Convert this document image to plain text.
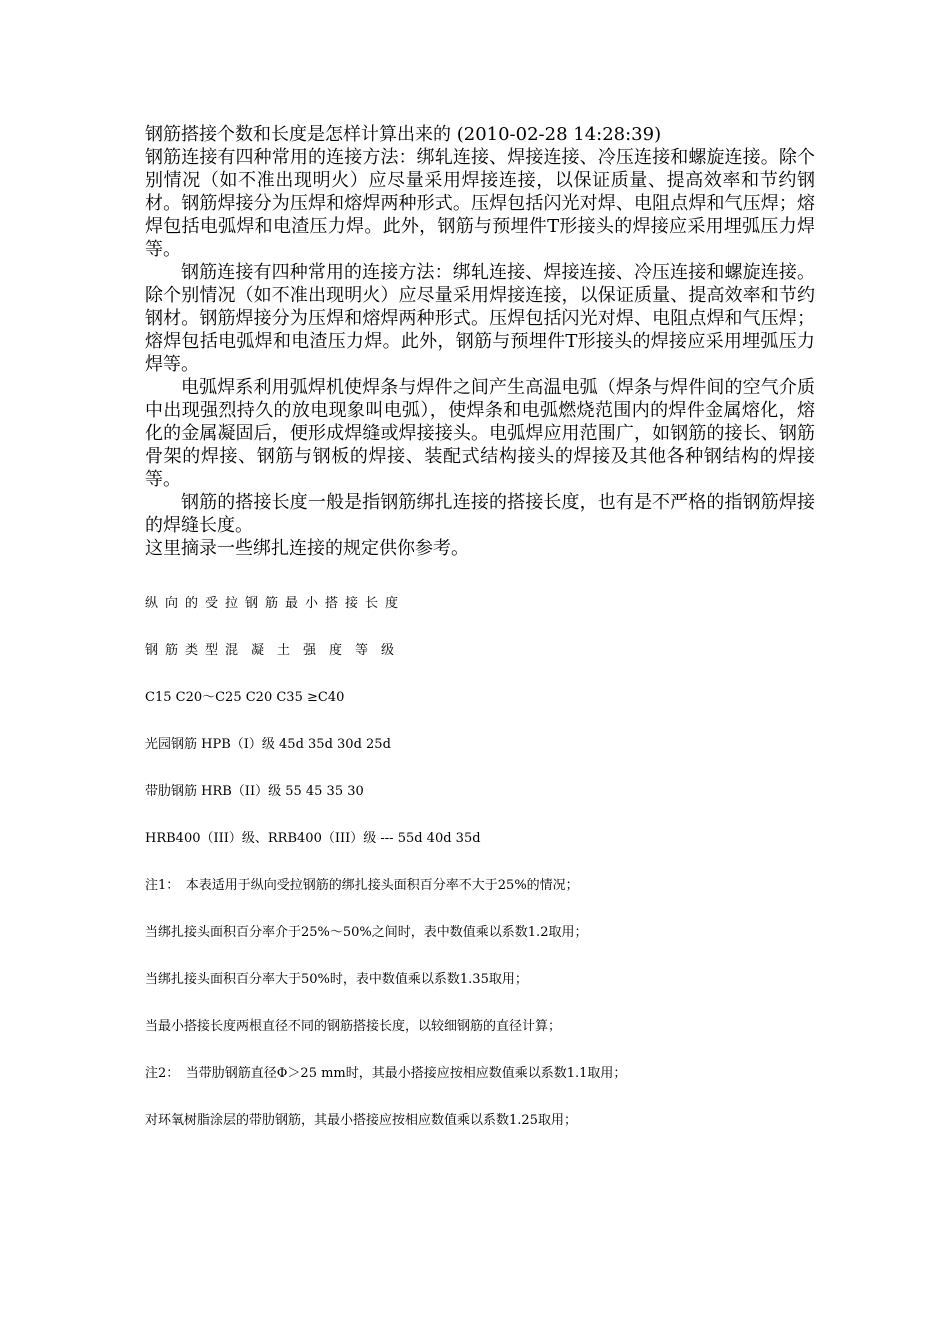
钢筋搭接个数和长度是怎样计算出来的 (2010-02-28 14:28:39)

钢筋连接有四种常用的连接方法：绑轧连接、焊接连接、冷压连接和螺旋连接。除个别情况（如不准出现明火）应尽量采用焊接连接，以保证质量、提高效率和节约钢材。钢筋焊接分为压焊和熔焊两种形式。压焊包括闪光对焊、电阻点焊和气压焊；熔焊包括电弧焊和电渣压力焊。此外，钢筋与预埋件T形接头的焊接应采用埋弧压力焊等。

钢筋连接有四种常用的连接方法：绑轧连接、焊接连接、冷压连接和螺旋连接。除个别情况（如不准出现明火）应尽量采用焊接连接，以保证质量、提高效率和节约钢材。钢筋焊接分为压焊和熔焊两种形式。压焊包括闪光对焊、电阻点焊和气压焊；熔焊包括电弧焊和电渣压力焊。此外，钢筋与预埋件T形接头的焊接应采用埋弧压力焊等。

电弧焊系利用弧焊机使焊条与焊件之间产生高温电弧（焊条与焊件间的空气介质中出现强烈持久的放电现象叫电弧），使焊条和电弧燃烧范围内的焊件金属熔化，熔化的金属凝固后，便形成焊缝或焊接接头。电弧焊应用范围广，如钢筋的接长、钢筋骨架的焊接、钢筋与钢板的焊接、装配式结构接头的焊接及其他各种钢结构的焊接等。

钢筋的搭接长度一般是指钢筋绑扎连接的搭接长度，也有是不严格的指钢筋焊接的焊缝长度。

这里摘录一些绑扎连接的规定供你参考。

纵向的受拉钢筋最小搭接长度

钢筋类型混　凝　土　强　度　等　级

C15 C20～C25 C20 C35 ≥C40

光园钢筋 HPB（I）级 45d 35d 30d 25d

带肋钢筋 HRB（II）级 55 45 35 30

HRB400（III）级、RRB400（III）级 --- 55d 40d 35d

注1：　本表适用于纵向受拉钢筋的绑扎接头面积百分率不大于25%的情况；

当绑扎接头面积百分率介于25%～50%之间时，表中数值乘以系数1.2取用；

当绑扎接头面积百分率大于50%时，表中数值乘以系数1.35取用；

当最小搭接长度两根直径不同的钢筋搭接长度，以较细钢筋的直径计算；

注2：　当带肋钢筋直径Φ＞25 mm时，其最小搭接应按相应数值乘以系数1.1取用；

对环氧树脂涂层的带肋钢筋，其最小搭接应按相应数值乘以系数1.25取用；
